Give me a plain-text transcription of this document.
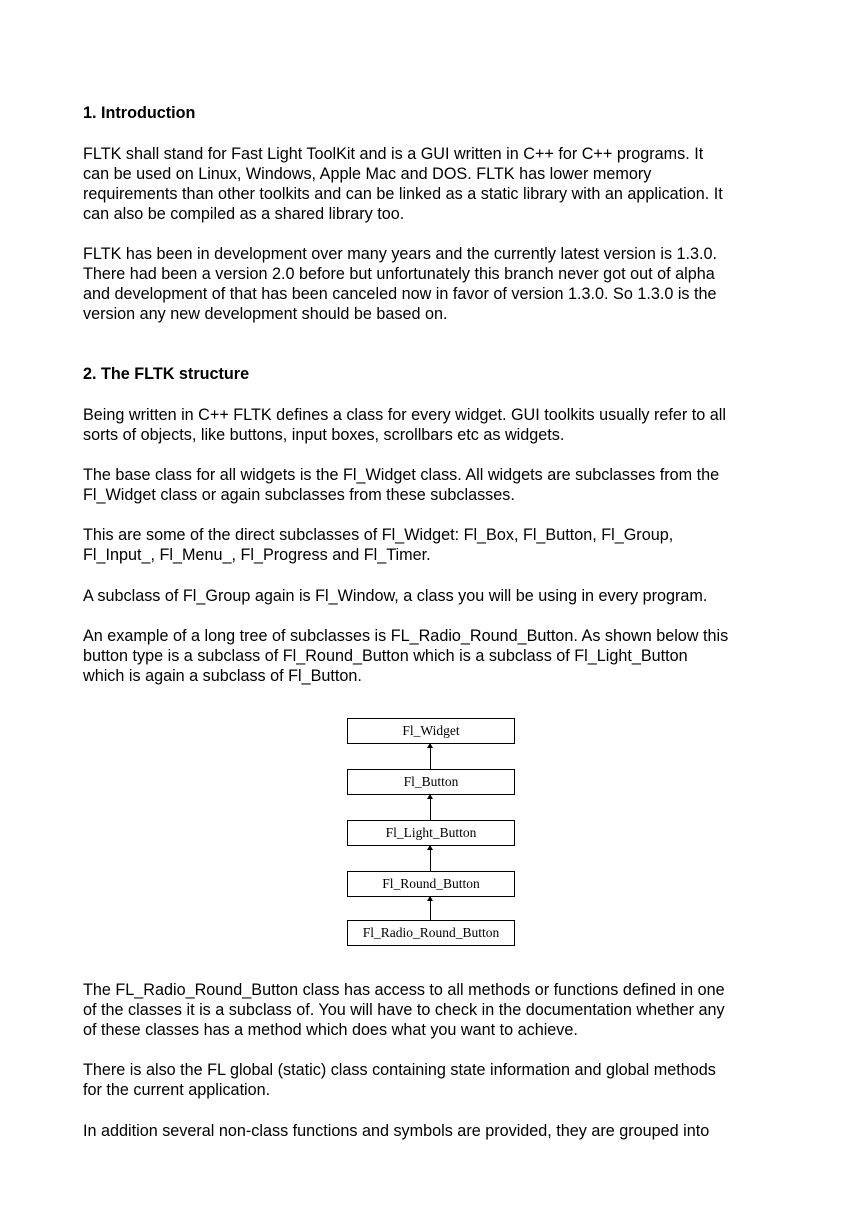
1. Introduction

FLTK shall stand for Fast Light ToolKit and is a GUI written in C++ for C++ programs. It
can be used on Linux, Windows, Apple Mac and DOS. FLTK has lower memory
requirements than other toolkits and can be linked as a static library with an application. It
can also be compiled as a shared library too.

FLTK has been in development over many years and the currently latest version is 1.3.0.
There had been a version 2.0 before but unfortunately this branch never got out of alpha
and development of that has been canceled now in favor of version 1.3.0. So 1.3.0 is the
version any new development should be based on.

2. The FLTK structure

Being written in C++ FLTK defines a class for every widget. GUI toolkits usually refer to all
sorts of objects, like buttons, input boxes, scrollbars etc as widgets.

The base class for all widgets is the Fl_Widget class. All widgets are subclasses from the
Fl_Widget class or again subclasses from these subclasses.

This are some of the direct subclasses of Fl_Widget: Fl_Box, Fl_Button, Fl_Group,
Fl_Input_, Fl_Menu_, Fl_Progress and Fl_Timer.

A subclass of Fl_Group again is Fl_Window, a class you will be using in every program.

An example of a long tree of subclasses is FL_Radio_Round_Button. As shown below this
button type is a subclass of Fl_Round_Button which is a subclass of Fl_Light_Button
which is again a subclass of Fl_Button.

Fl_Widget
Fl_Button
Fl_Light_Button
Fl_Round_Button
Fl_Radio_Round_Button

The FL_Radio_Round_Button class has access to all methods or functions defined in one
of the classes it is a subclass of. You will have to check in the documentation whether any
of these classes has a method which does what you want to achieve.

There is also the FL global (static) class containing state information and global methods
for the current application.

In addition several non-class functions and symbols are provided, they are grouped into
